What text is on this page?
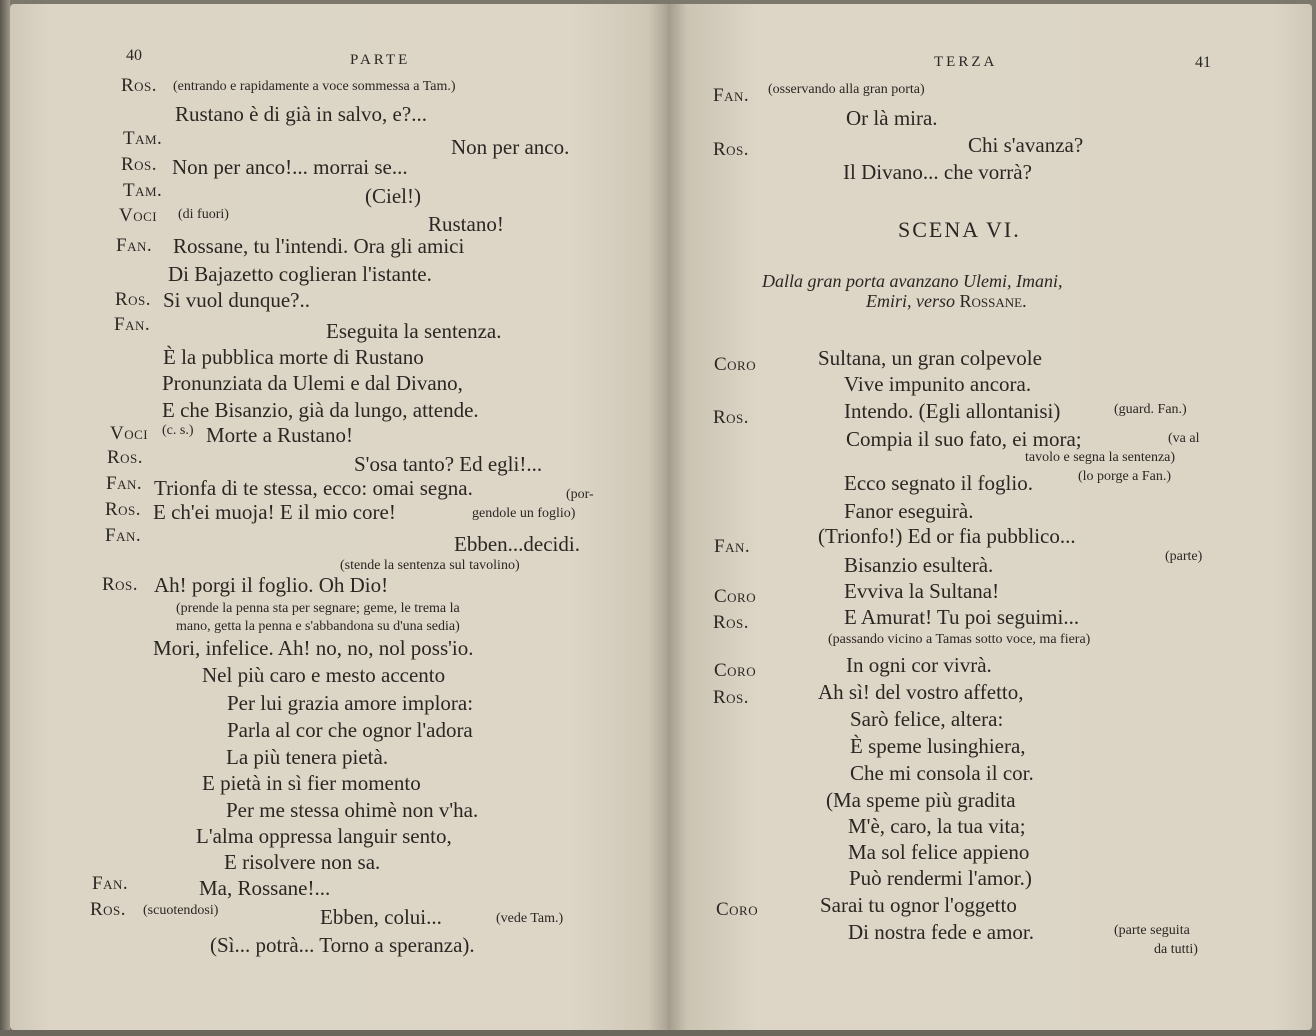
40	PARTE
Ros. (entrando e rapidamente a voce sommessa a Tam.)
Rustano è di già in salvo, e?...
Tam.	Non per anco.
Ros. Non per anco!... morrai se...
Tam.	(Ciel!)
Voci (di fuori)	Rustano!
Fan. Rossane, tu l'intendi. Ora gli amici
Di Bajazetto coglieran l'istante.
Ros. Si vuol dunque?..
Fan.	Eseguita la sentenza.
È la pubblica morte di Rustano
Pronunziata da Ulemi e dal Divano,
E che Bisanzio, già da lungo, attende.
Voci (c. s.) Morte a Rustano!
Ros.	S'osa tanto? Ed egli!...
Fan. Trionfa di te stessa, ecco: omai segna.	(por-
Ros. E ch'ei muoja! E il mio core!	gendole un foglio)
Fan.	Ebben...decidi.
(stende la sentenza sul tavolino)
Ros. Ah! porgi il foglio. Oh Dio!
(prende la penna sta per segnare; geme, le trema la
mano, getta la penna e s'abbandona su d'una sedia)
Mori, infelice. Ah! no, no, nol poss'io.
Nel più caro e mesto accento
Per lui grazia amore implora:
Parla al cor che ognor l'adora
La più tenera pietà.
E pietà in sì fier momento
Per me stessa ohimè non v'ha.
L'alma oppressa languir sento,
E risolvere non sa.
Fan.	Ma, Rossane!...
Ros. (scuotendosi)	Ebben, colui...	(vede Tam.)
(Sì... potrà... Torno a speranza).
TERZA	41
Fan. (osservando alla gran porta)
Or là mira.
Ros.	Chi s'avanza?
Il Divano... che vorrà?
SCENA VI.
Dalla gran porta avanzano Ulemi, Imani,
Emiri, verso Rossane.
Coro	Sultana, un gran colpevole
Vive impunito ancora.
Ros.	Intendo. (Egli allontanisi)	(guard. Fan.)
Compia il suo fato, ei mora;	(va al
tavolo e segna la sentenza)
Ecco segnato il foglio.	(lo porge a Fan.)
Fanor eseguirà.
Fan.	(Trionfo!) Ed or fia pubblico...
Bisanzio esulterà.	(parte)
Coro	Evviva la Sultana!
Ros.	E Amurat! Tu poi seguimi...
(passando vicino a Tamas sotto voce, ma fiera)
Coro	In ogni cor vivrà.
Ros.	Ah sì! del vostro affetto,
Sarò felice, altera:
È speme lusinghiera,
Che mi consola il cor.
(Ma speme più gradita
M'è, caro, la tua vita;
Ma sol felice appieno
Può rendermi l'amor.)
Coro	Sarai tu ognor l'oggetto
Di nostra fede e amor.	(parte seguita
da tutti)
